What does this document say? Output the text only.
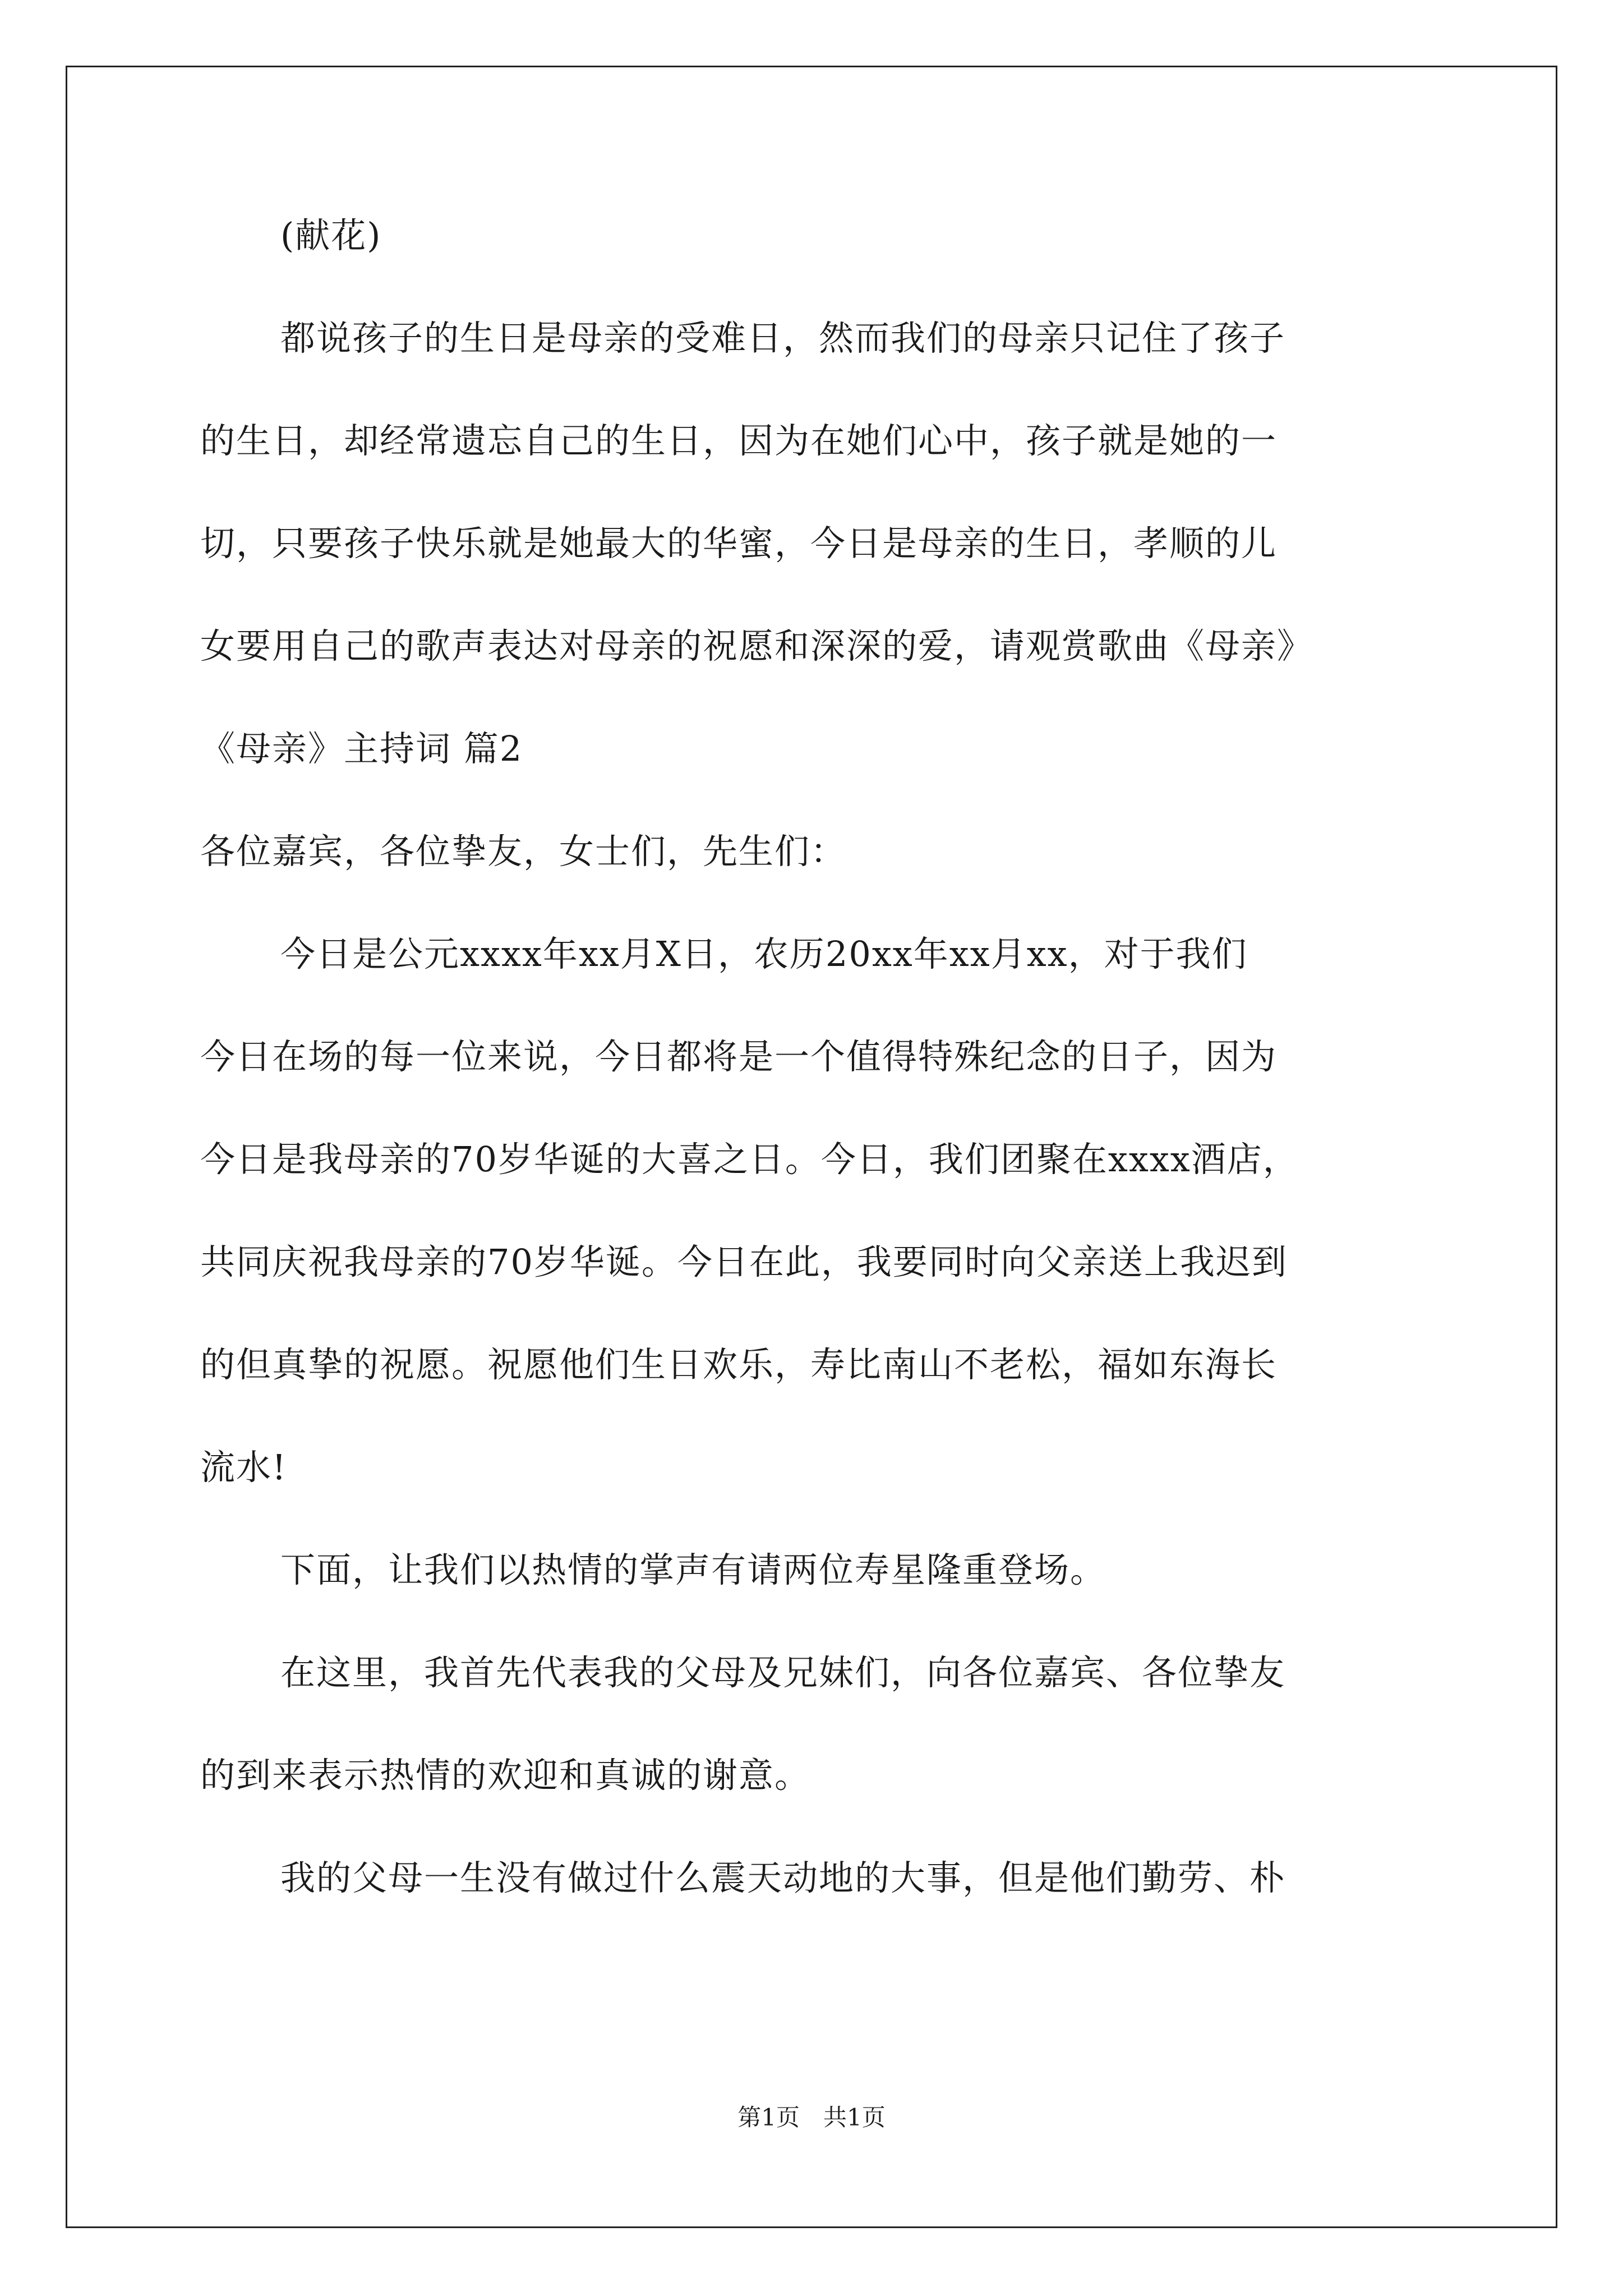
(献花)
都说孩子的生日是母亲的受难日，然而我们的母亲只记住了孩子
的生日，却经常遗忘自己的生日，因为在她们心中，孩子就是她的一
切，只要孩子快乐就是她最大的华蜜，今日是母亲的生日，孝顺的儿
女要用自己的歌声表达对母亲的祝愿和深深的爱，请观赏歌曲《母亲》
《母亲》主持词 篇2
各位嘉宾，各位挚友，女士们，先生们：
今日是公元xxxx年xx月X日，农历20xx年xx月xx，对于我们
今日在场的每一位来说，今日都将是一个值得特殊纪念的日子，因为
今日是我母亲的70岁华诞的大喜之日。今日，我们团聚在xxxx酒店，
共同庆祝我母亲的70岁华诞。今日在此，我要同时向父亲送上我迟到
的但真挚的祝愿。祝愿他们生日欢乐，寿比南山不老松，福如东海长
流水!
下面，让我们以热情的掌声有请两位寿星隆重登场。
在这里，我首先代表我的父母及兄妹们，向各位嘉宾、各位挚友
的到来表示热情的欢迎和真诚的谢意。
我的父母一生没有做过什么震天动地的大事，但是他们勤劳、朴
第1页　共1页
